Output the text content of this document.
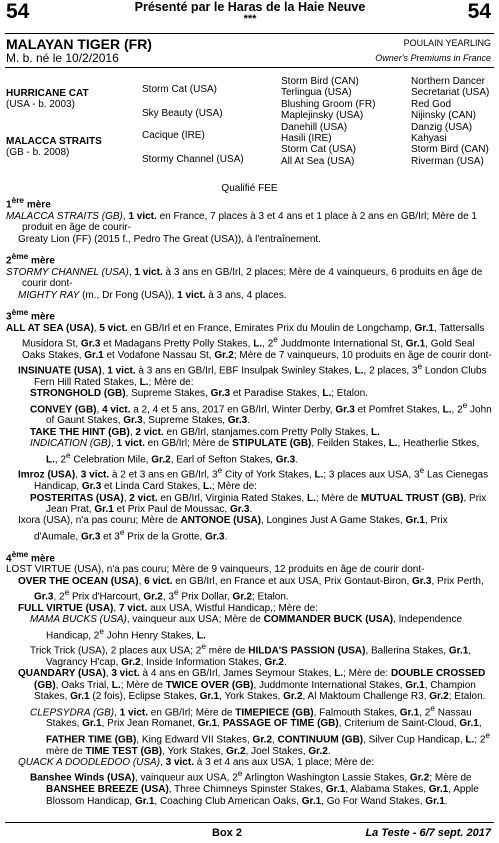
54	54
Présenté par le Haras de la Haie Neuve
***
MALAYAN TIGER (FR)
M. b. né le 10/2/2016
POULAIN YEARLING
Owner's Premiums in France
HURRICANE CAT
(USA - b. 2003)
MALACCA STRAITS
(GB - b. 2008)
Storm Cat (USA)
Sky Beauty (USA)
Cacique (IRE)
Stormy Channel (USA)
Storm Bird (CAN)
Terlingua (USA)
Blushing Groom (FR)
Maplejinsky (USA)
Danehill (USA)
Hasili (IRE)
Storm Cat (USA)
All At Sea (USA)
Northern Dancer
Secretariat (USA)
Red God
Nijinsky (CAN)
Danzig (USA)
Kahyasi
Storm Bird (CAN)
Riverman (USA)
Qualifié FEE
1ère mère
MALACCA STRAITS (GB), 1 vict. en France, 7 places à 3 et 4 ans et 1 place à 2 ans en GB/Irl; Mère de 1 produit en âge de courir-
Greaty Lion (FF) (2015 f., Pedro The Great (USA)), à l'entraînement.
2ème mère
STORMY CHANNEL (USA), 1 vict. à 3 ans en GB/Irl, 2 places; Mère de 4 vainqueurs, 6 produits en âge de courir dont-
MIGHTY RAY (m., Dr Fong (USA)), 1 vict. à 3 ans, 4 places.
3ème mère
ALL AT SEA (USA), 5 vict. en GB/Irl et en France, Emirates Prix du Moulin de Longchamp, Gr.1, Tattersalls Musidora St, Gr.3 et Madagans Pretty Polly Stakes, L., 2e Juddmonte International St, Gr.1, Gold Seal Oaks Stakes, Gr.1 et Vodafone Nassau St, Gr.2; Mère de 7 vainqueurs, 10 produits en âge de courir dont-
INSINUATE (USA), 1 vict. à 3 ans en GB/Irl, EBF Insulpak Swinley Stakes, L., 2 places, 3e London Clubs Fern Hill Rated Stakes, L.; Mère de:
STRONGHOLD (GB), Supreme Stakes, Gr.3 et Paradise Stakes, L.; Etalon.
CONVEY (GB), 4 vict. a 2, 4 et 5 ans, 2017 en GB/Irl, Winter Derby, Gr.3 et Pomfret Stakes, L., 2e John of Gaunt Stakes, Gr.3, Supreme Stakes, Gr.3.
TAKE THE HINT (GB), 2 vict. en GB/Irl, stanjames.com Pretty Polly Stakes, L.
INDICATION (GB), 1 vict. en GB/Irl; Mère de STIPULATE (GB), Feilden Stakes, L., Heatherlie Stkes, L., 2e Celebration Mile, Gr.2, Earl of Sefton Stakes, Gr.3.
Imroz (USA), 3 vict. à 2 et 3 ans en GB/Irl, 3e City of York Stakes, L.; 3 places aux USA, 3e Las Cienegas Handicap, Gr.3 et Linda Card Stakes, L.; Mère de:
POSTERITAS (USA), 2 vict. en GB/Irl, Virginia Rated Stakes, L.; Mère de MUTUAL TRUST (GB), Prix Jean Prat, Gr.1 et Prix Paul de Moussac, Gr.3.
Ixora (USA), n'a pas couru; Mère de ANTONOE (USA), Longines Just A Game Stakes, Gr.1, Prix d'Aumale, Gr.3 et 3e Prix de la Grotte, Gr.3.
4ème mère
LOST VIRTUE (USA), n'a pas couru; Mère de 9 vainqueurs, 12 produits en âge de courir dont-
OVER THE OCEAN (USA), 6 vict. en GB/Irl, en France et aux USA, Prix Gontaut-Biron, Gr.3, Prix Perth, Gr.3, 2e Prix d'Harcourt, Gr.2, 3e Prix Dollar, Gr.2; Etalon.
FULL VIRTUE (USA), 7 vict. aux USA, Wistful Handicap,; Mère de:
MAMA BUCKS (USA), vainqueur aux USA; Mère de COMMANDER BUCK (USA), Independence Handicap, 2e John Henry Stakes, L.
Trick Trick (USA), 2 places aux USA; 2e mère de HILDA'S PASSION (USA), Ballerina Stakes, Gr.1, Vagrancy H'cap, Gr.2, Inside Information Stakes, Gr.2.
QUANDARY (USA), 3 vict. à 4 ans en GB/Irl, James Seymour Stakes, L.; Mère de: DOUBLE CROSSED (GB), Oaks Trial, L.; Mère de TWICE OVER (GB), Juddmonte International Stakes, Gr.1, Champion Stakes, Gr.1 (2 fois), Eclipse Stakes, Gr.1, York Stakes, Gr.2, Al Maktoum Challenge R3, Gr.2; Etalon.
CLEPSYDRA (GB), 1 vict. en GB/Irl; Mère de TIMEPIECE (GB), Falmouth Stakes, Gr.1, 2e Nassau Stakes, Gr.1, Prix Jean Romanet, Gr.1, PASSAGE OF TIME (GB), Criterium de Saint-Cloud, Gr.1, FATHER TIME (GB), King Edward VII Stakes, Gr.2, CONTINUUM (GB), Silver Cup Handicap, L.; 2e mère de TIME TEST (GB), York Stakes, Gr.2, Joel Stakes, Gr.2.
QUACK A DOODLEDOO (USA), 3 vict. à 3 et 4 ans aux USA, 1 place; Mère de:
Banshee Winds (USA), vainqueur aux USA, 2e Arlington Washington Lassie Stakes, Gr.2; Mère de BANSHEE BREEZE (USA), Three Chimneys Spinster Stakes, Gr.1, Alabama Stakes, Gr.1, Apple Blossom Handicap, Gr.1, Coaching Club American Oaks, Gr.1, Go For Wand Stakes, Gr.1.
Box 2	La Teste - 6/7 sept. 2017
